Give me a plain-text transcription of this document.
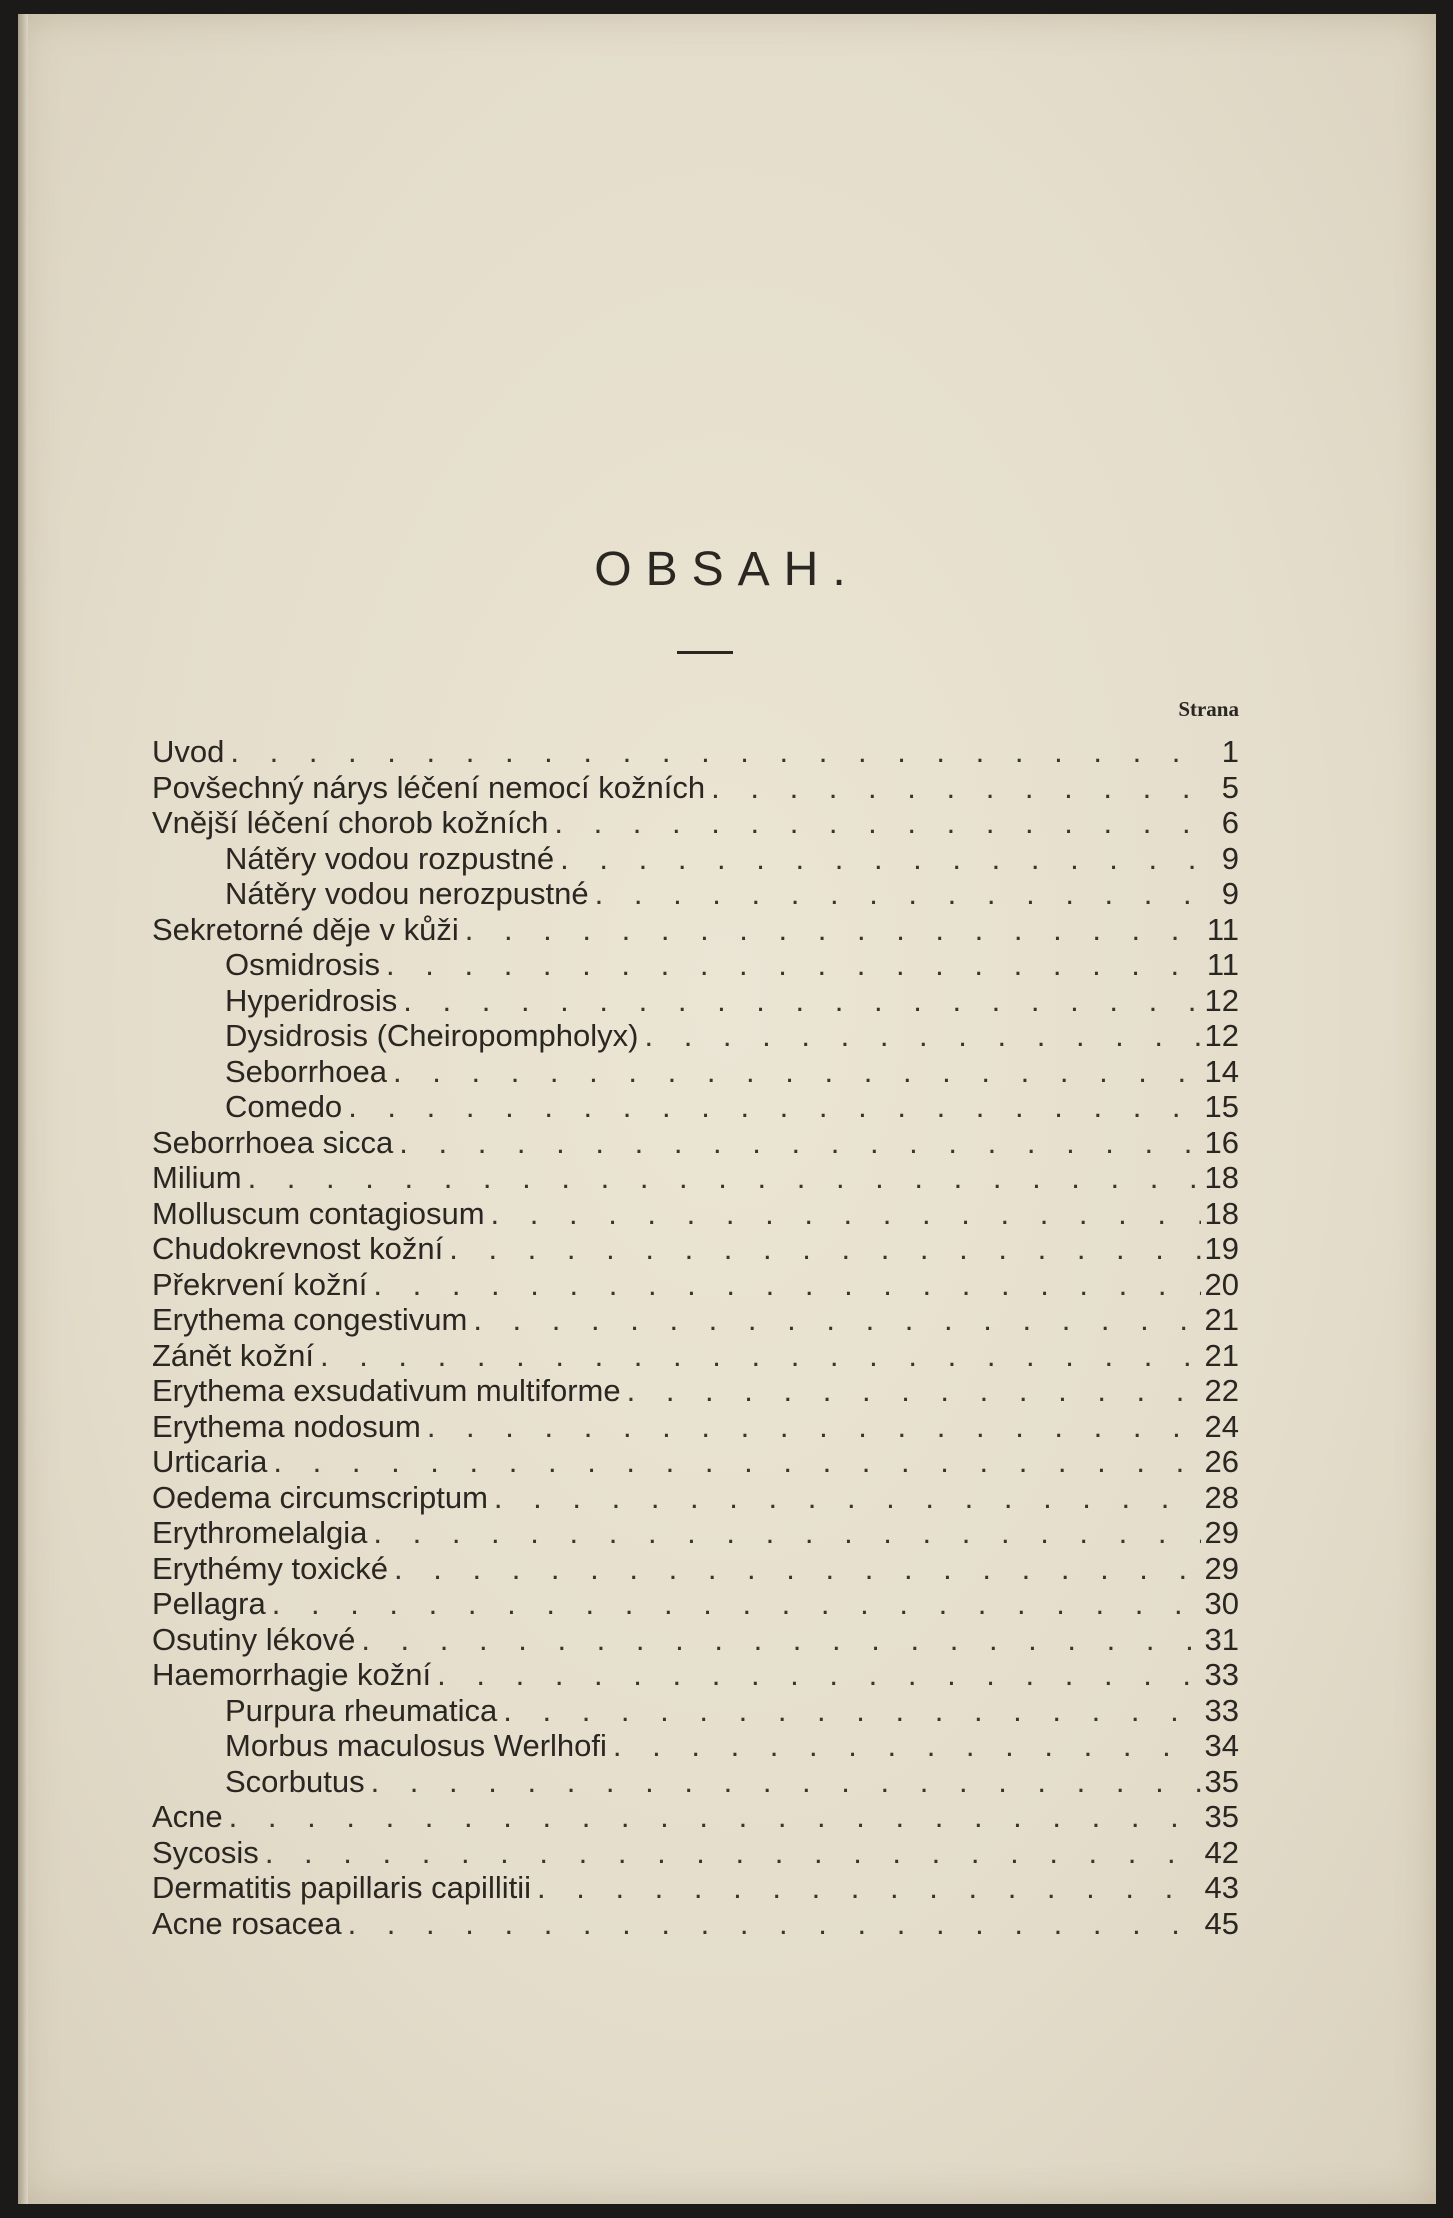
OBSAH.
Strana
Uvod . . .	1
Povšechný nárys léčení nemocí kožních . . .	5
Vnější léčení chorob kožních . . .	6
Nátěry vodou rozpustné . . .	9
Nátěry vodou nerozpustné . . .	9
Sekretorné děje v kůži . . .	11
Osmidrosis . . .	11
Hyperidrosis . . .	12
Dysidrosis (Cheiropompholyx) . . .	12
Seborrhoea . . .	14
Comedo . . .	15
Seborrhoea sicca . . .	16
Milium . . .	18
Molluscum contagiosum . . .	18
Chudokrevnost kožní . . .	19
Překrvení kožní . . .	20
Erythema congestivum . . .	21
Zánět kožní . . .	21
Erythema exsudativum multiforme . . .	22
Erythema nodosum . . .	24
Urticaria . . .	26
Oedema circumscriptum . . .	28
Erythromelalgia . . .	29
Erythémy toxické . . .	29
Pellagra . . .	30
Osutiny lékové . . .	31
Haemorrhagie kožní . . .	33
Purpura rheumatica . . .	33
Morbus maculosus Werlhofi . . .	34
Scorbutus . . .	35
Acne . . .	35
Sycosis . . .	42
Dermatitis papillaris capillitii . . .	43
Acne rosacea . . .	45
